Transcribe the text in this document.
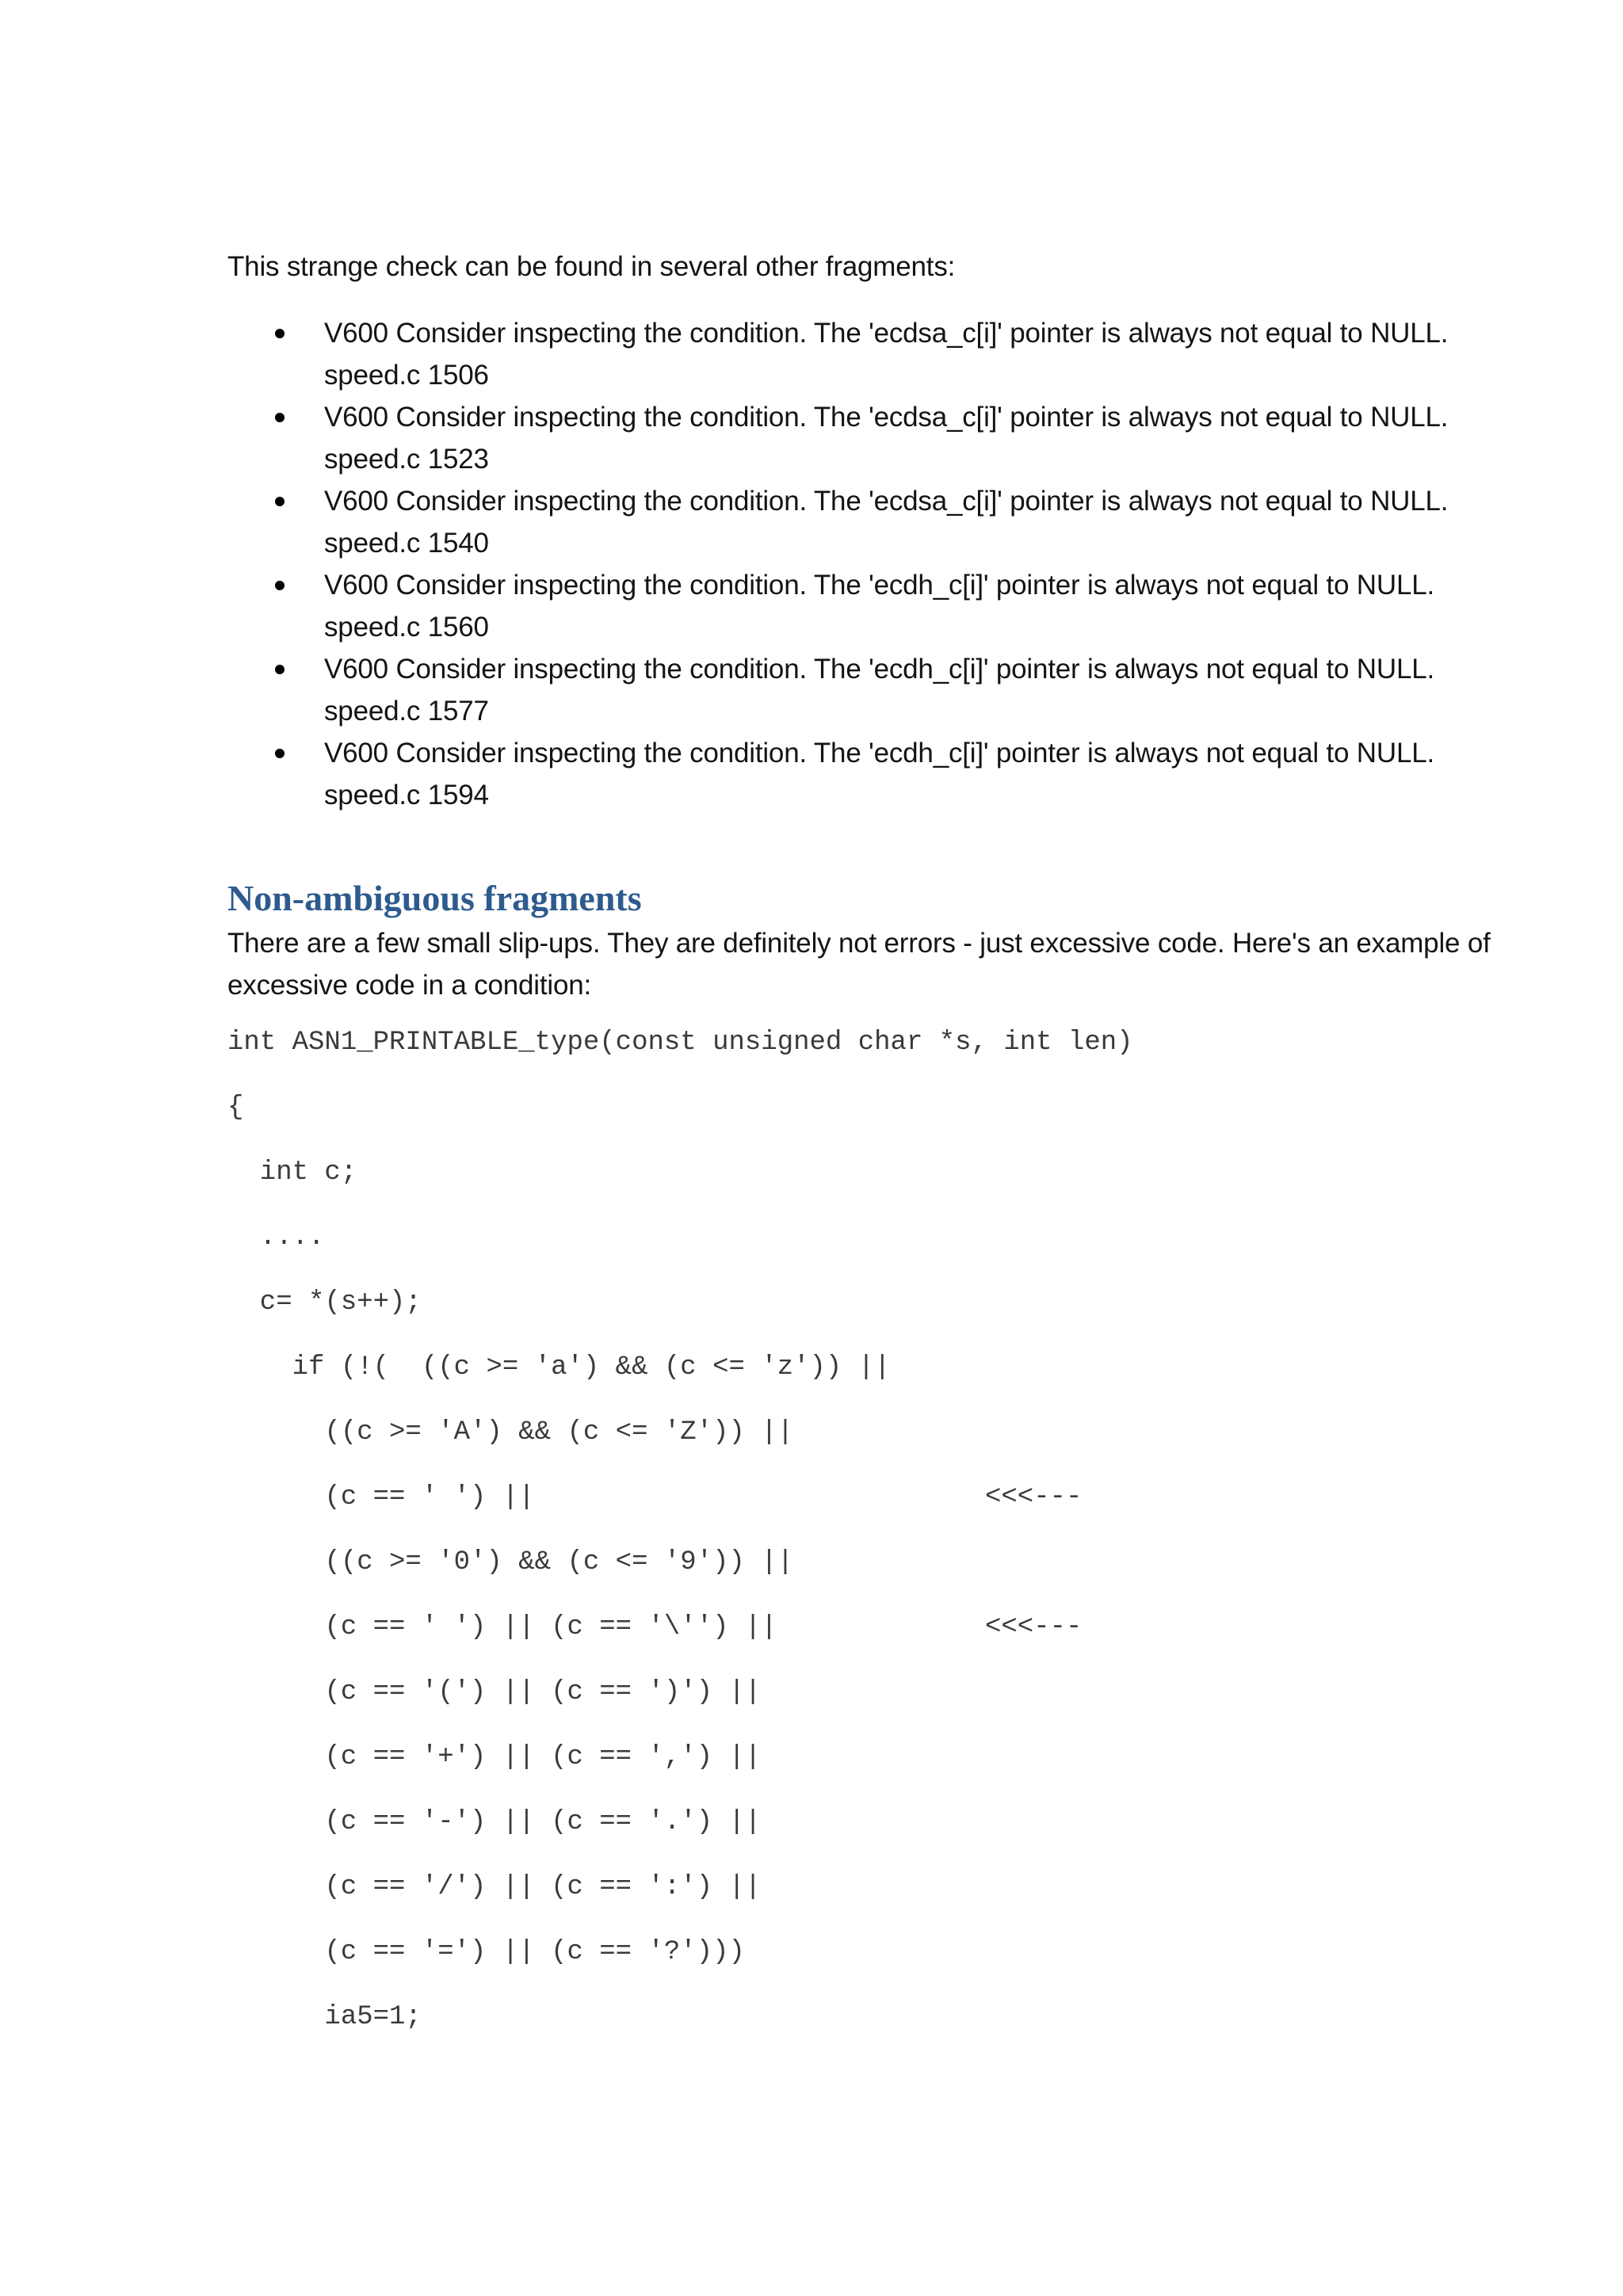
This strange check can be found in several other fragments:

V600 Consider inspecting the condition. The 'ecdsa_c[i]' pointer is always not equal to NULL. speed.c 1506
V600 Consider inspecting the condition. The 'ecdsa_c[i]' pointer is always not equal to NULL. speed.c 1523
V600 Consider inspecting the condition. The 'ecdsa_c[i]' pointer is always not equal to NULL. speed.c 1540
V600 Consider inspecting the condition. The 'ecdh_c[i]' pointer is always not equal to NULL. speed.c 1560
V600 Consider inspecting the condition. The 'ecdh_c[i]' pointer is always not equal to NULL. speed.c 1577
V600 Consider inspecting the condition. The 'ecdh_c[i]' pointer is always not equal to NULL. speed.c 1594
Non-ambiguous fragments

There are a few small slip-ups. They are definitely not errors - just excessive code. Here's an example of excessive code in a condition:

int ASN1_PRINTABLE_type(const unsigned char *s, int len)
{
int c;
....
c= *(s++);
if (!(  ((c >= 'a') && (c <= 'z')) ||
((c >= 'A') && (c <= 'Z')) ||
(c == ' ') ||	<<<---
((c >= '0') && (c <= '9')) ||
(c == ' ') || (c == '\'') ||	<<<---
(c == '(') || (c == ')') ||
(c == '+') || (c == ',') ||
(c == '-') || (c == '.') ||
(c == '/') || (c == ':') ||
(c == '=') || (c == '?')))
ia5=1;
